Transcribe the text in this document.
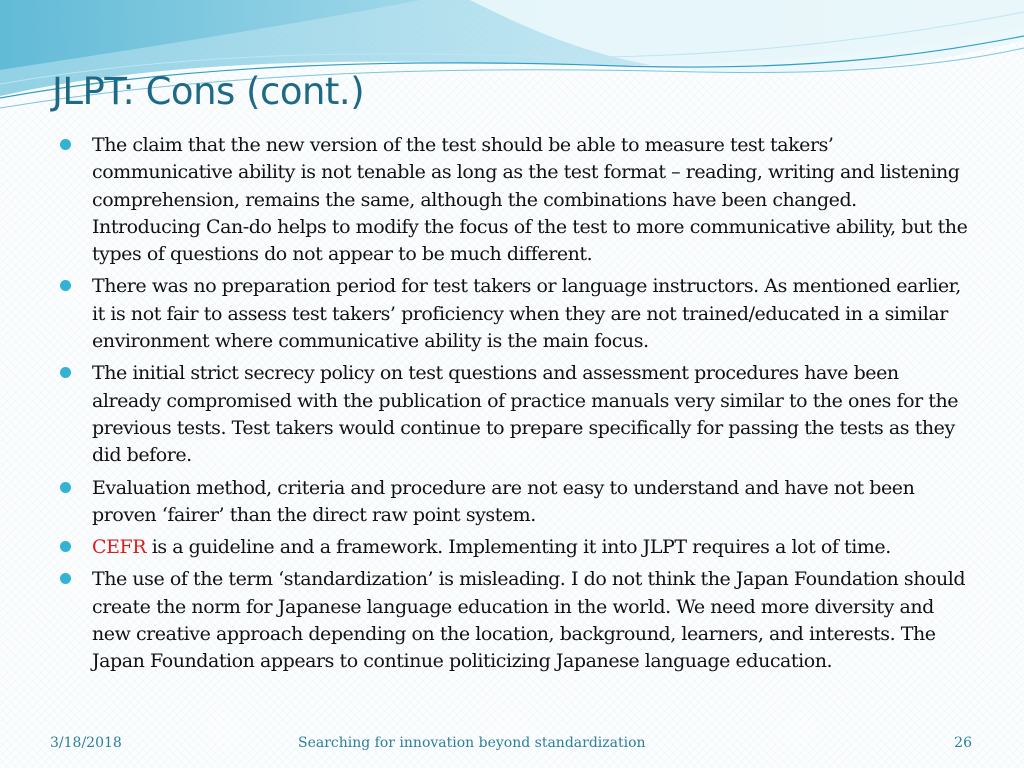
JLPT: Cons (cont.)
The claim that the new version of the test should be able to measure test takers’ communicative ability is not tenable as long as the test format – reading, writing and listening comprehension, remains the same, although the combinations have been changed. Introducing Can-do helps to modify the focus of the test to more communicative ability, but the types of questions do not appear to be much different.
There was no preparation period for test takers or language instructors. As mentioned earlier, it is not fair to assess test takers’ proficiency when they are not trained/educated in a similar environment where communicative ability is the main focus.
The initial strict secrecy policy on test questions and assessment procedures have been already compromised with the publication of practice manuals very similar to the ones for the previous tests. Test takers would continue to prepare specifically for passing the tests as they did before.
Evaluation method, criteria and procedure are not easy to understand and have not been proven ‘fairer’ than the direct raw point system.
CEFR is a guideline and a framework. Implementing it into JLPT requires a lot of time.
The use of the term ‘standardization’ is misleading. I do not think the Japan Foundation should create the norm for Japanese language education in the world. We need more diversity and new creative approach depending on the location, background, learners, and interests. The Japan Foundation appears to continue politicizing Japanese language education.
3/18/2018	Searching for innovation beyond standardization	26
